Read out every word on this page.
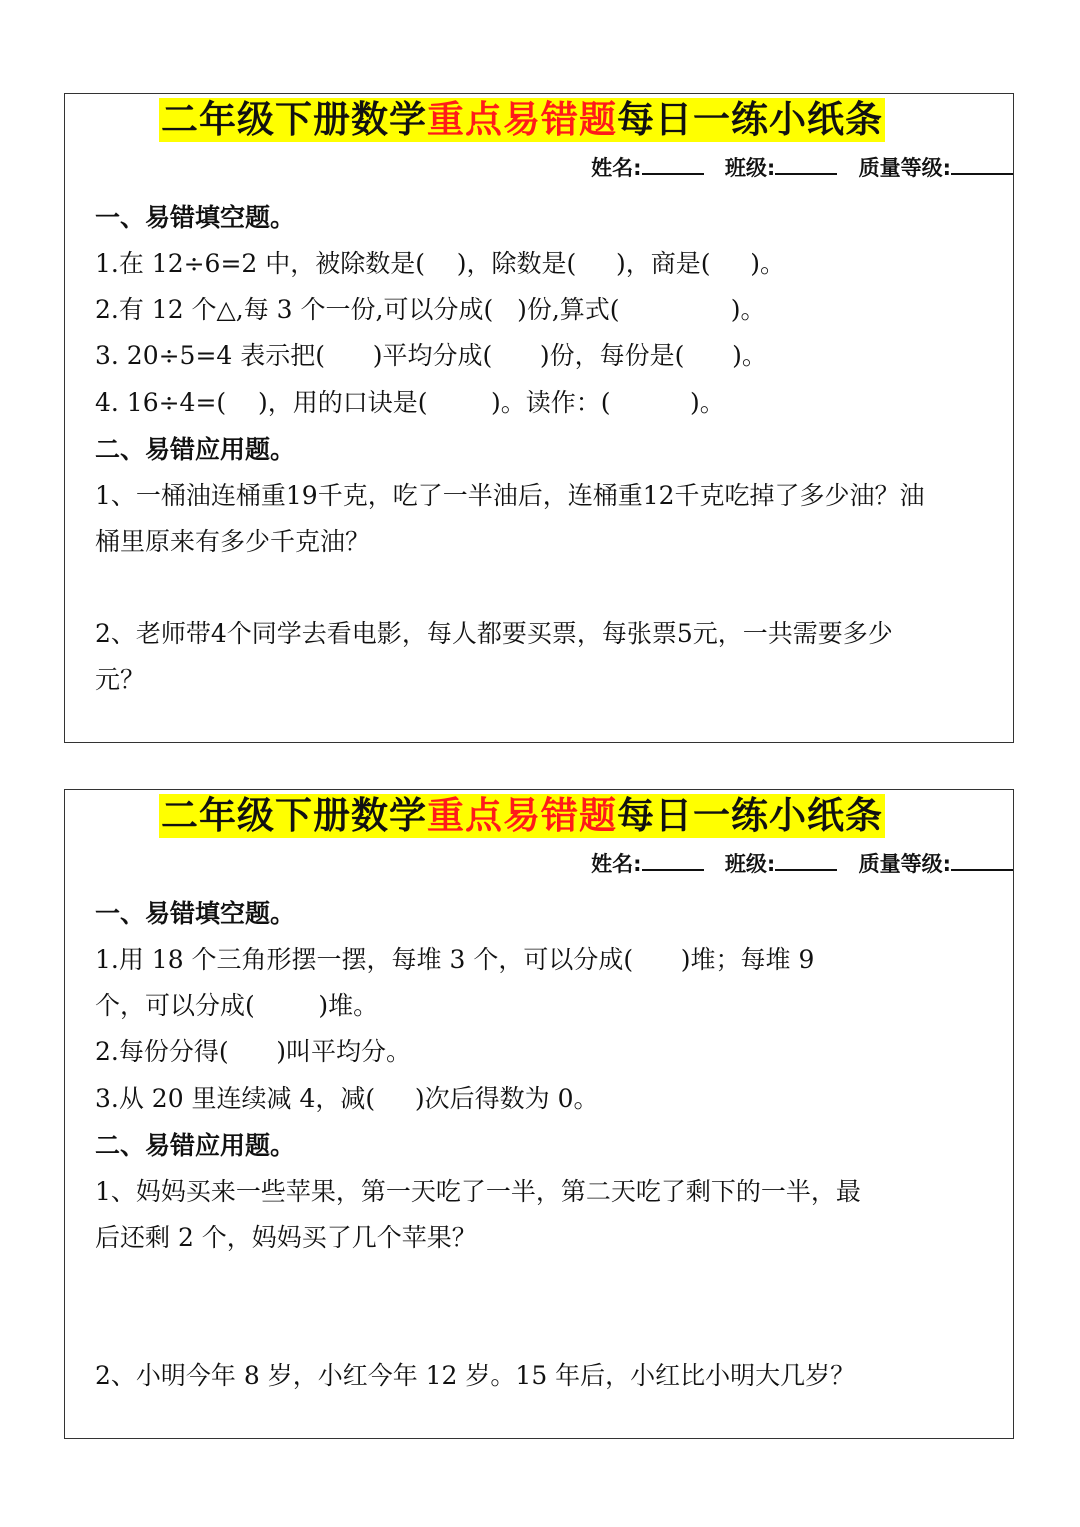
二年级下册数学重点易错题每日一练小纸条
姓名:	班级:	质量等级:
一、易错填空题。
1.在 12÷6=2 中，被除数是(    )，除数是(     )，商是(     )。
2.有 12 个△,每 3 个一份,可以分成(   )份,算式(              )。
3. 20÷5=4 表示把(      )平均分成(      )份，每份是(      )。
4. 16÷4=(    )，用的口诀是(        )。读作：(          )。
二、易错应用题。
1、一桶油连桶重19千克，吃了一半油后，连桶重12千克吃掉了多少油？油
桶里原来有多少千克油？
2、老师带4个同学去看电影，每人都要买票，每张票5元，一共需要多少
元？
二年级下册数学重点易错题每日一练小纸条
姓名:	班级:	质量等级:
一、易错填空题。
1.用 18 个三角形摆一摆，每堆 3 个，可以分成(      )堆；每堆 9
个，可以分成(        )堆。
2.每份分得(      )叫平均分。
3.从 20 里连续减 4，减(     )次后得数为 0。
二、易错应用题。
1、妈妈买来一些苹果，第一天吃了一半，第二天吃了剩下的一半，最
后还剩 2 个，妈妈买了几个苹果？
2、小明今年 8 岁，小红今年 12 岁。15 年后，小红比小明大几岁？
